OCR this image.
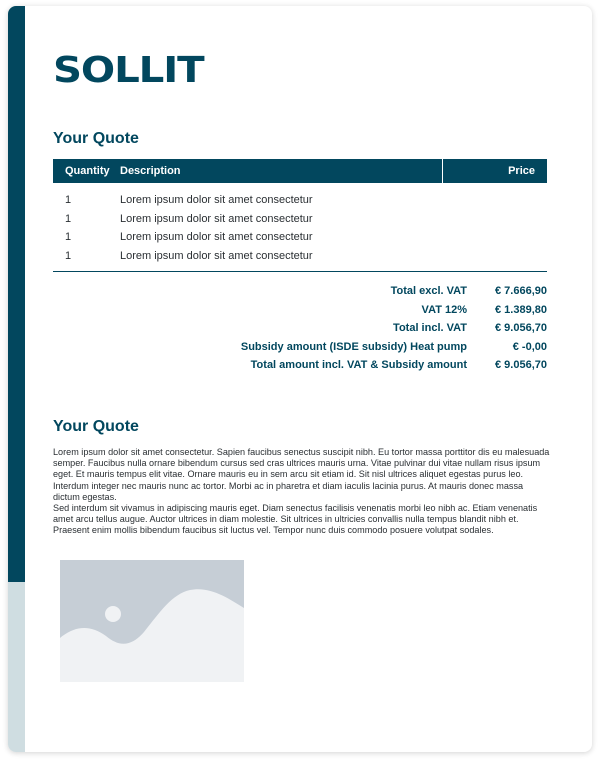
SOLLIT
Your Quote
Quantity Description	Price
1	Lorem ipsum dolor sit amet consectetur
1	Lorem ipsum dolor sit amet consectetur
1	Lorem ipsum dolor sit amet consectetur
1	Lorem ipsum dolor sit amet consectetur
Total excl. VAT	€ 7.666,90
VAT 12%	€ 1.389,80
Total incl. VAT	€ 9.056,70
Subsidy amount (ISDE subsidy) Heat pump	€ -0,00
Total amount incl. VAT & Subsidy amount	€ 9.056,70
Your Quote

Lorem ipsum dolor sit amet consectetur. Sapien faucibus senectus suscipit nibh. Eu tortor massa porttitor dis eu malesuada semper. Faucibus nulla ornare bibendum cursus sed cras ultrices mauris urna. Vitae pulvinar dui vitae nullam risus ipsum eget. Et mauris tempus elit vitae. Ornare mauris eu in sem arcu sit etiam id. Sit nisl ultrices aliquet egestas purus leo. Interdum integer nec mauris nunc ac tortor. Morbi ac in pharetra et diam iaculis lacinia purus. At mauris donec massa dictum egestas.

Sed interdum sit vivamus in adipiscing mauris eget. Diam senectus facilisis venenatis morbi leo nibh ac. Etiam venenatis amet arcu tellus augue. Auctor ultrices in diam molestie. Sit ultrices in ultricies convallis nulla tempus blandit nibh et. Praesent enim mollis bibendum faucibus sit luctus vel. Tempor nunc duis commodo posuere volutpat sodales.
